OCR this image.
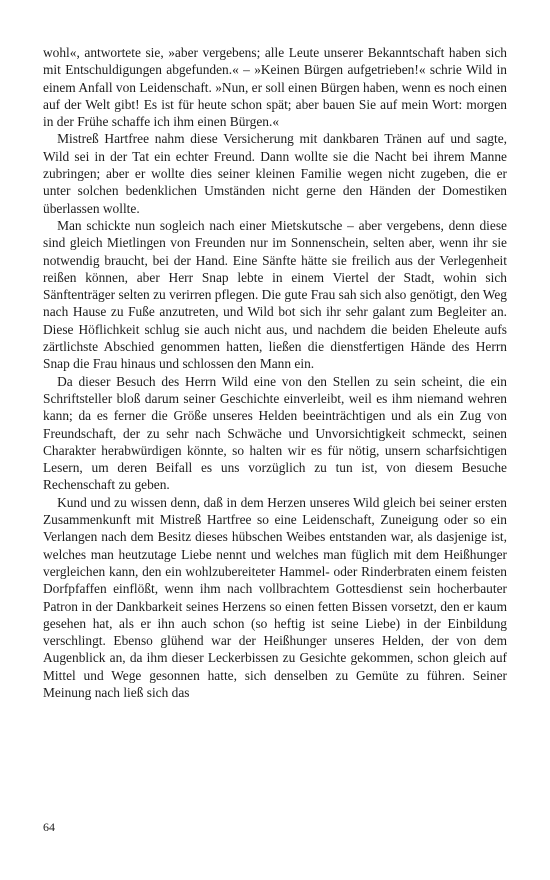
wohl«, antwortete sie, »aber vergebens; alle Leute unserer Bekanntschaft haben sich mit Entschuldigungen abgefunden.« – »Keinen Bürgen aufgetrieben!« schrie Wild in einem Anfall von Leidenschaft. »Nun, er soll einen Bürgen haben, wenn es noch einen auf der Welt gibt! Es ist für heute schon spät; aber bauen Sie auf mein Wort: morgen in der Frühe schaffe ich ihm einen Bürgen.«

Mistreß Hartfree nahm diese Versicherung mit dankbaren Tränen auf und sagte, Wild sei in der Tat ein echter Freund. Dann wollte sie die Nacht bei ihrem Manne zubringen; aber er wollte dies seiner kleinen Familie wegen nicht zugeben, die er unter solchen bedenklichen Umständen nicht gerne den Händen der Domestiken überlassen wollte.

Man schickte nun sogleich nach einer Mietskutsche – aber vergebens, denn diese sind gleich Mietlingen von Freunden nur im Sonnenschein, selten aber, wenn ihr sie notwendig braucht, bei der Hand. Eine Sänfte hätte sie freilich aus der Verlegenheit reißen können, aber Herr Snap lebte in einem Viertel der Stadt, wohin sich Sänftenträger selten zu verirren pflegen. Die gute Frau sah sich also genötigt, den Weg nach Hause zu Fuße anzutreten, und Wild bot sich ihr sehr galant zum Begleiter an. Diese Höflichkeit schlug sie auch nicht aus, und nachdem die beiden Eheleute aufs zärtlichste Abschied genommen hatten, ließen die dienstfertigen Hände des Herrn Snap die Frau hinaus und schlossen den Mann ein.

Da dieser Besuch des Herrn Wild eine von den Stellen zu sein scheint, die ein Schriftsteller bloß darum seiner Geschichte einverleibt, weil es ihm niemand wehren kann; da es ferner die Größe unseres Helden beeinträchtigen und als ein Zug von Freundschaft, der zu sehr nach Schwäche und Unvorsichtigkeit schmeckt, seinen Charakter herabwürdigen könnte, so halten wir es für nötig, unsern scharfsichtigen Lesern, um deren Beifall es uns vorzüglich zu tun ist, von diesem Besuche Rechenschaft zu geben.

Kund und zu wissen denn, daß in dem Herzen unseres Wild gleich bei seiner ersten Zusammenkunft mit Mistreß Hartfree so eine Leidenschaft, Zuneigung oder so ein Verlangen nach dem Besitz dieses hübschen Weibes entstanden war, als dasjenige ist, welches man heutzutage Liebe nennt und welches man füglich mit dem Heißhunger vergleichen kann, den ein wohlzubereiteter Hammel- oder Rinderbraten einem feisten Dorfpfaffen einflößt, wenn ihm nach vollbrachtem Gottesdienst sein hocherbauter Patron in der Dankbarkeit seines Herzens so einen fetten Bissen vorsetzt, den er kaum gesehen hat, als er ihn auch schon (so heftig ist seine Liebe) in der Einbildung verschlingt. Ebenso glühend war der Heißhunger unseres Helden, der von dem Augenblick an, da ihm dieser Leckerbissen zu Gesichte gekommen, schon gleich auf Mittel und Wege gesonnen hatte, sich denselben zu Gemüte zu führen. Seiner Meinung nach ließ sich das

64
